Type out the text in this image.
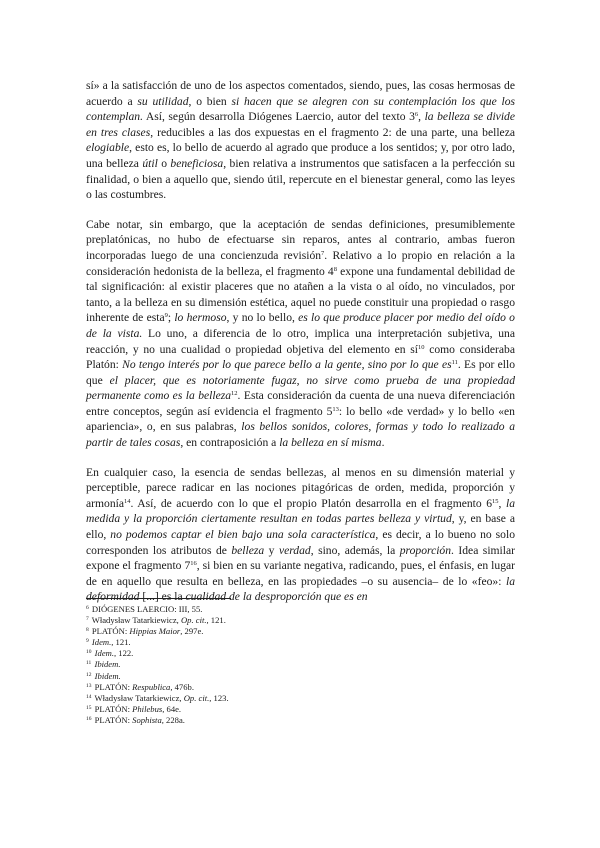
sí» a la satisfacción de uno de los aspectos comentados, siendo, pues, las cosas hermosas de acuerdo a su utilidad, o bien si hacen que se alegren con su contemplación los que los contemplan. Así, según desarrolla Diógenes Laercio, autor del texto $3^6$, la belleza se divide en tres clases, reducibles a las dos expuestas en el fragmento 2: de una parte, una belleza elogiable, esto es, lo bello de acuerdo al agrado que produce a los sentidos; y, por otro lado, una belleza útil o beneficiosa, bien relativa a instrumentos que satisfacen a la perfección su finalidad, o bien a aquello que, siendo útil, repercute en el bienestar general, como las leyes o las costumbres.

Cabe notar, sin embargo, que la aceptación de sendas definiciones, presumiblemente preplatónicas, no hubo de efectuarse sin reparos, antes al contrario, ambas fueron incorporadas luego de una concienzuda revisión$^7$. Relativo a lo propio en relación a la consideración hedonista de la belleza, el fragmento $4^8$ expone una fundamental debilidad de tal significación: al existir placeres que no atañen a la vista o al oído, no vinculados, por tanto, a la belleza en su dimensión estética, aquel no puede constituir una propiedad o rasgo inherente de esta$^9$; lo hermoso, y no lo bello, es lo que produce placer por medio del oído o de la vista. Lo uno, a diferencia de lo otro, implica una interpretación subjetiva, una reacción, y no una cualidad o propiedad objetiva del elemento en $sí^{10}$ como consideraba Platón: No tengo interés por lo que parece bello a la gente, sino por lo que $es^{11}$. Es por ello que el placer, que es notoriamente fugaz, no sirve como prueba de una propiedad permanente como es la belleza$^{12}$. Esta consideración da cuenta de una nueva diferenciación entre conceptos, según así evidencia el fragmento $5^{13}$: lo bello «de verdad» y lo bello «en apariencia», o, en sus palabras, los bellos sonidos, colores, formas y todo lo realizado a partir de tales cosas, en contraposición a la belleza en sí misma.

En cualquier caso, la esencia de sendas bellezas, al menos en su dimensión material y perceptible, parece radicar en las nociones pitagóricas de orden, medida, proporción y armonía$^{14}$. Así, de acuerdo con lo que el propio Platón desarrolla en el fragmento $6^{15}$, la medida y la proporción ciertamente resultan en todas partes belleza y virtud, y, en base a ello, no podemos captar el bien bajo una sola característica, es decir, a lo bueno no solo corresponden los atributos de belleza y verdad, sino, además, la proporción. Idea similar expone el fragmento $7^{16}$, si bien en su variante negativa, radicando, pues, el énfasis, en lugar de en aquello que resulta en belleza, en las propiedades –o su ausencia– de lo «feo»: la deformidad [...] es la cualidad de la desproporción que es en

$^6$ DIÓGENES LAERCIO: III, 55.
$^7$ Władysław Tatarkiewicz, Op. cit., 121.
$^8$ PLATÓN: Hippias Maior, 297e.
$^9$ Idem., 121.
$^{10}$ Idem., 122.
$^{11}$ Ibidem.
$^{12}$ Ibidem.
$^{13}$ PLATÓN: Respublica, 476b.
$^{14}$ Władysław Tatarkiewicz, Op. cit., 123.
$^{15}$ PLATÓN: Philebus, 64e.
$^{16}$ PLATÓN: Sophista, 228a.
